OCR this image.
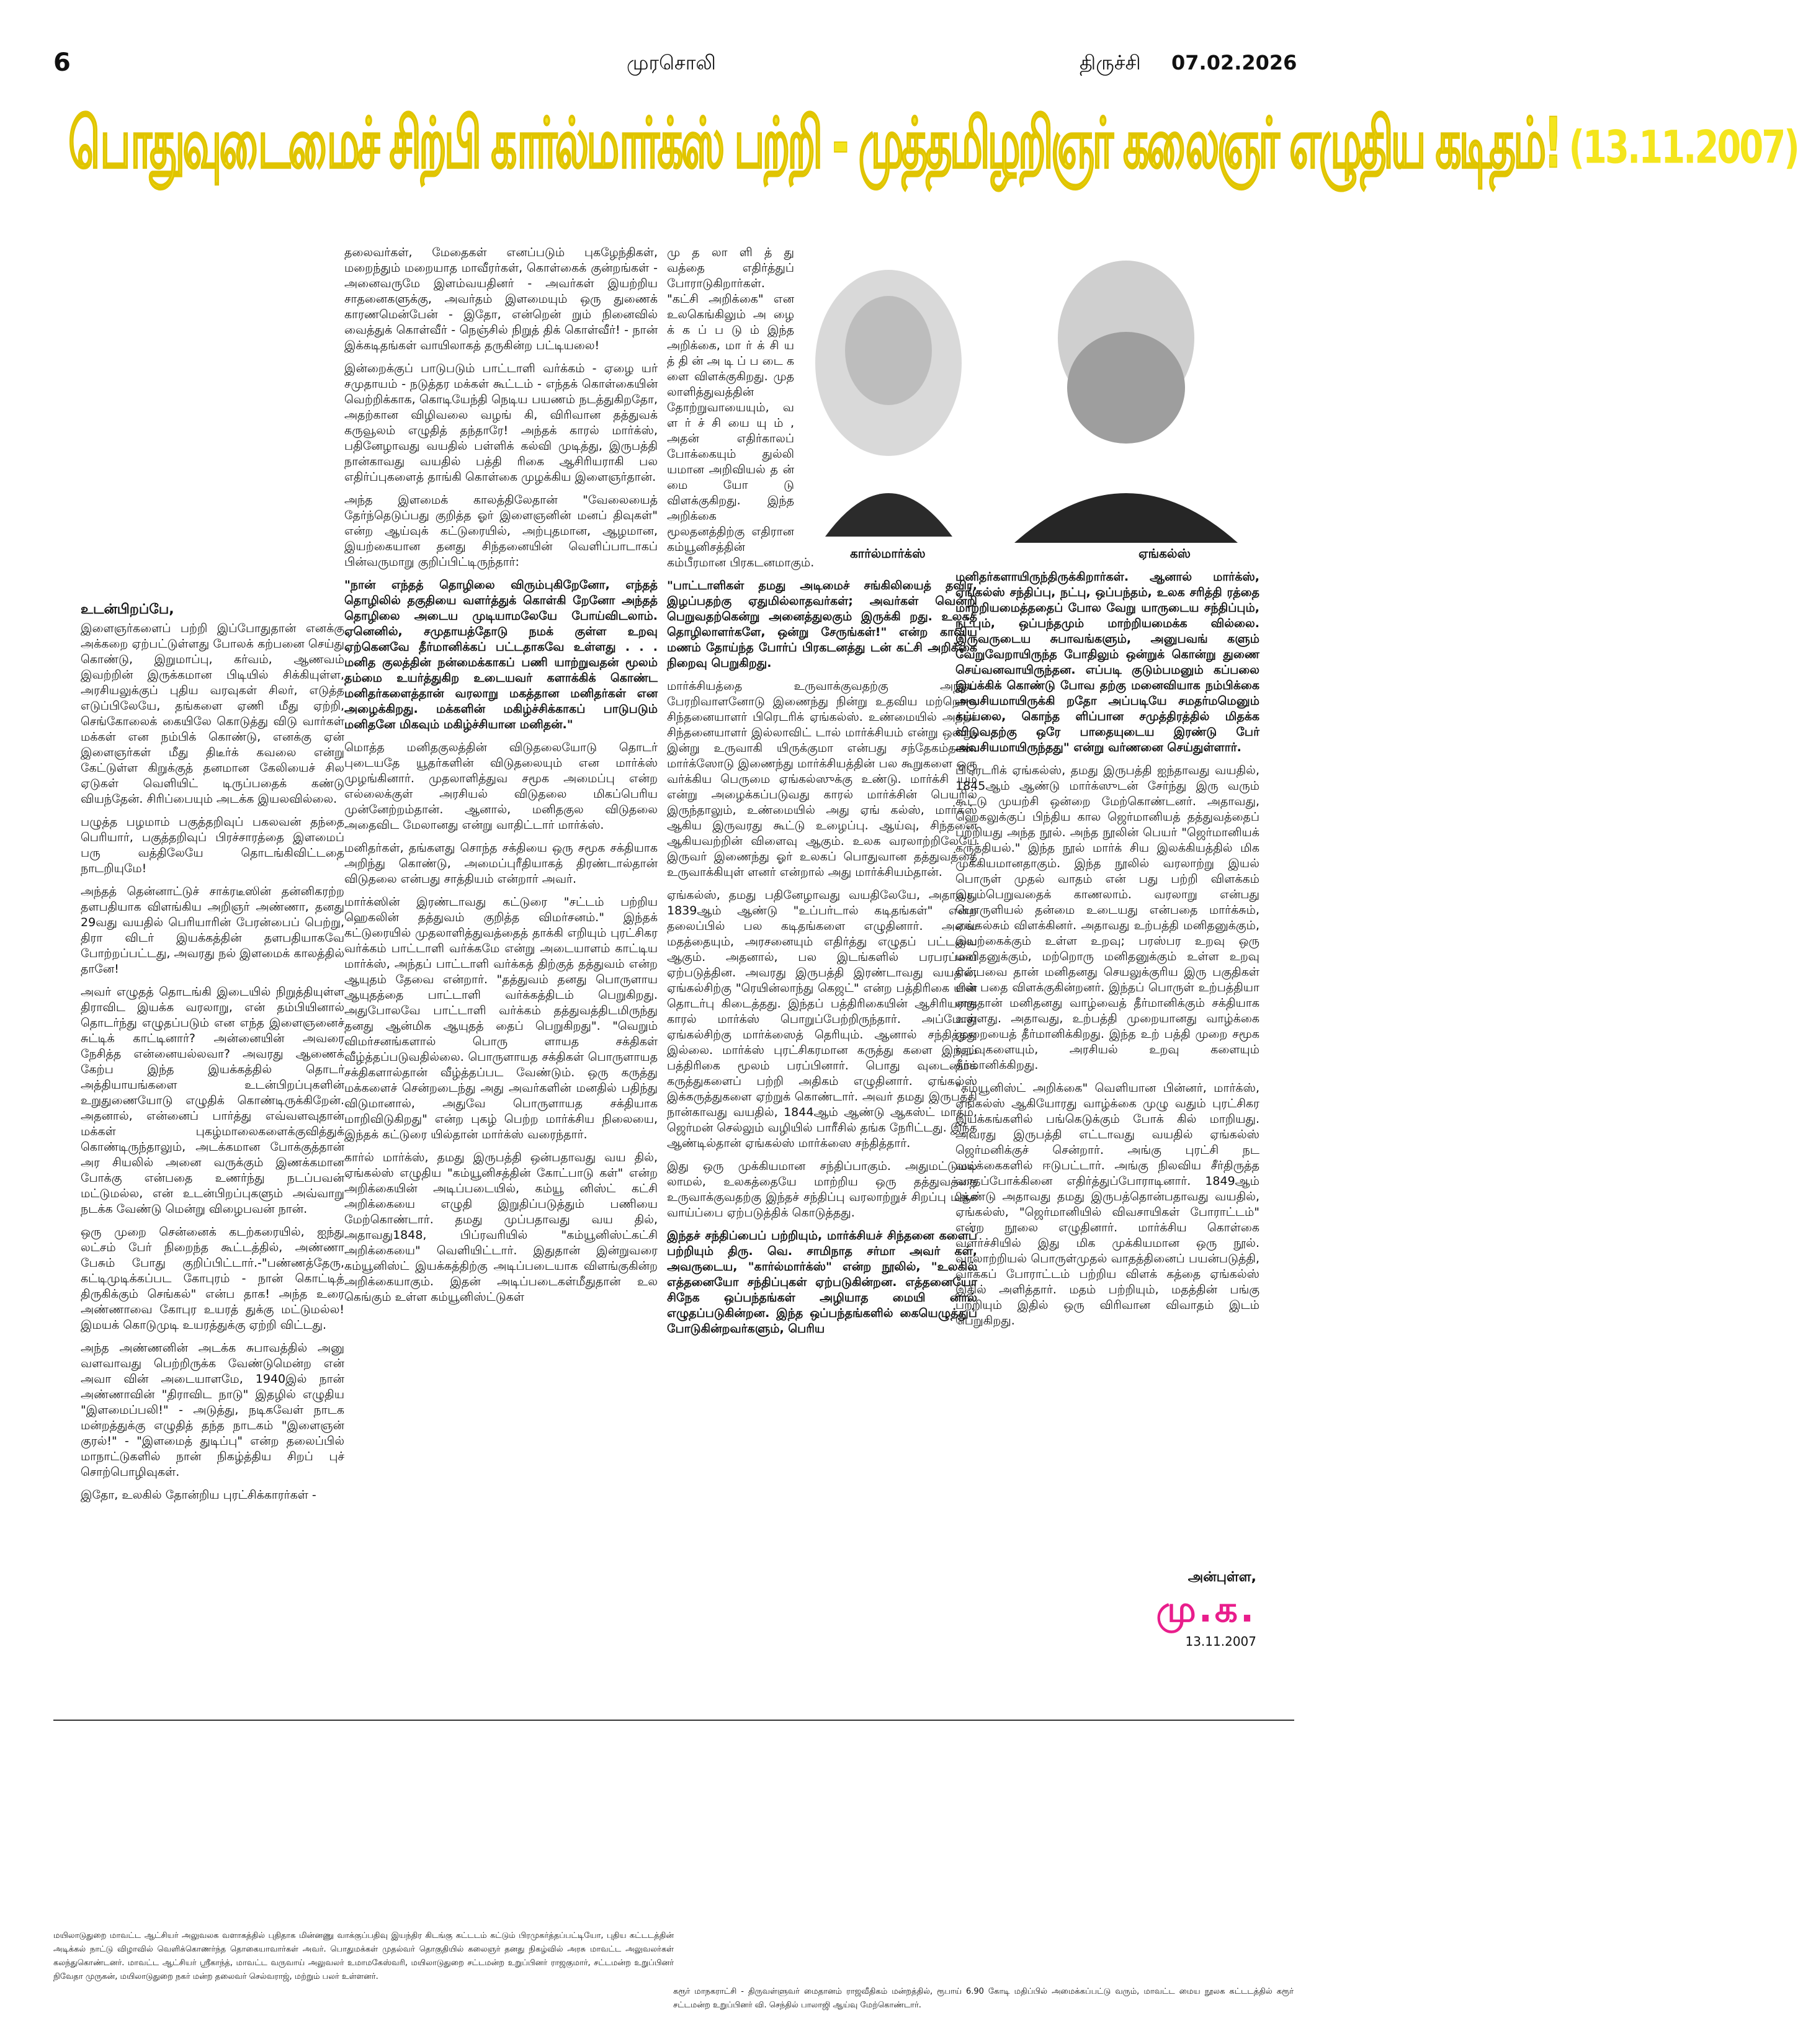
6	முரசொலி	திருச்சி 07.02.2026
பொதுவுடைமைச் சிற்பி கார்ல்மார்க்ஸ் பற்றி - முத்தமிழறிஞர் கலைஞர் எழுதிய கடிதம்! (13.11.2007)
உடன்பிறப்பே,

இளைஞர்களைப் பற்றி இப்போதுதான் எனக்கு அக்கறை ஏற்பட்டுள்ளது போலக் கற்பனை செய்து கொண்டு, இறுமாப்பு, கர்வம், ஆணவம் இவற்றின் இருக்கமான பிடியில் சிக்கியுள்ள, அரசியலுக்குப் புதிய வரவுகள் சிலர், எடுத்த எடுப்பிலேயே, தங்களை ஏணி மீது ஏற்றி, செங்கோலைக் கையிலே கொடுத்து விடு வார்கள் மக்கள் என நம்பிக் கொண்டு, எனக்கு ஏன் இளைஞர்கள் மீது திடீர்க் கவலை என்று கேட்டுள்ள கிறுக்குத் தனமான கேலியைச் சில ஏடுகள் வெளியிட் டிருப்பதைக் கண்டு வியந்தேன். சிரிப்பையும் அடக்க இயலவில்லை.

பழுத்த பழமாம் பகுத்தறிவுப் பகலவன் தந்தை பெரியார், பகுத்தறிவுப் பிரச்சாரத்தை இளமைப் பரு வத்திலேயே தொடங்கிவிட்டதை நாடறியுமே!

அந்தத் தென்னாட்டுச் சாக்ரடீஸின் தன்னிகரற்ற தளபதியாக விளங்கிய அறிஞர் அண்ணா, தனது 29வது வயதில் பெரியாரின் பேரன்பைப் பெற்று, திரா விடர் இயக்கத்தின் தளபதியாகவே போற்றப்பட்டது, அவரது நல் இளமைக் காலத்தில் தானே!

அவர் எழுதத் தொடங்கி இடையில் நிறுத்தியுள்ள திராவிட இயக்க வரலாறு, என் தம்பியினால் தொடர்ந்து எழுதப்படும் என எந்த இளைஞனைச் சுட்டிக் காட்டினார்? அன்னையின் அவரை நேசித்த என்னையல்லவா? அவரது ஆணைக் கேற்ப இந்த இயக்கத்தில் தொடர் அத்தியாயங்களை உடன்பிறப்புகளின் உறுதுணையோடு எழுதிக் கொண்டிருக்கிறேன். அதனால், என்னைப் பார்த்து எவ்வளவுதான் மக்கள் புகழ்மாலைகளைக்குவித்துக் கொண்டிருந்தாலும், அடக்கமான போக்குத்தான் அர சியலில் அனை வருக்கும் இணக்கமான போக்கு என்பதை உணர்ந்து நடப்பவன் மட்டுமல்ல, என் உடன்பிறப்புகளும் அவ்வாறு நடக்க வேண்டு மென்று விழைபவன் நான்.

ஒரு முறை சென்னைக் கடற்கரையில், ஐந்து லட்சம் பேர் நிறைந்த கூட்டத்தில், அண்ணா பேசும் போது குறிப்பிட்டார்.-"பண்ணத்தேரு, கட்டிமுடிக்கப்பட கோபுரம் - நான் கொட்டித் திருகிக்கும் செங்கல்" என்ப தாக! அந்த உரை அண்ணாவை கோபுர உயரத் துக்கு மட்டுமல்ல! இமயக் கொடுமுடி உயரத்துக்கு ஏற்றி விட்டது.

அந்த அண்ணனின் அடக்க சுபாவத்தில் அனு வளவாவது பெற்றிருக்க வேண்டுமென்ற என் அவா வின் அடையாளமே, 1940இல் நான் அண்ணாவின் "திராவிட நாடு" இதழில் எழுதிய "இளமைப்பலி!" - அடுத்து, நடிகவேள் நாடக மன்றத்துக்கு எழுதித் தந்த நாடகம் "இளைஞன் குரல்!" - "இளமைத் துடிப்பு" என்ற தலைப்பில் மாநாட்டுகளில் நான் நிகழ்த்திய சிறப் புச் சொற்பொழிவுகள்.

இதோ, உலகில் தோன்றிய புரட்சிக்காரர்கள் -

தலைவர்கள், மேதைகள் எனப்படும் புகழேந்திகள், மறைந்தும் மறையாத மாவீரர்கள், கொள்கைக் குன்றங்கள் - அனைவருமே இளம்வயதினர் - அவர்கள் இயற்றிய சாதனைகளுக்கு, அவர்தம் இளமையும் ஒரு துணைக் காரணமென்பேன் - இதோ, என்றென் றும் நினைவில் வைத்துக் கொள்வீர் - நெஞ்சில் நிறுத் திக் கொள்வீர்! - நான் இக்கடிதங்கள் வாயிலாகத் தருகின்ற பட்டியலை!

இன்றைக்குப் பாடுபடும் பாட்டாளி வர்க்கம் - ஏழை யர் சமுதாயம் - நடுத்தர மக்கள் கூட்டம் - எந்தக் கொள்கையின் வெற்றிக்காக, கொடியேந்தி நெடிய பயணம் நடத்துகிறதோ, அதற்கான விழிவலை வழங் கி, விரிவான தத்துவக் கருவூலம் எழுதித் தந்தாரே! அந்தக் காரல் மார்க்ஸ், பதினேழாவது வயதில் பள்ளிக் கல்வி முடித்து, இருபத்தி நான்காவது வயதில் பத்தி ரிகை ஆசிரியராகி பல எதிர்ப்புகளைத் தாங்கி கொள்கை முழக்கிய இளைஞர்தான்.

அந்த இளமைக் காலத்திலேதான் "வேலையைத் தேர்ந்தெடுப்பது குறித்த ஓர் இளைஞனின் மனப் திவுகள்" என்ற ஆய்வுக் கட்டுரையில், அற்புதமான, ஆழமான, இயற்கையான தனது சிந்தனையின் வெளிப்பாடாகப் பின்வருமாறு குறிப்பிட்டிருந்தார்:

"நான் எந்தத் தொழிலை விரும்புகிறேனோ, எந்தத் தொழிலில் தகுதியை வளர்த்துக் கொள்கி றேனோ அந்தத் தொழிலை அடைய முடியாமலேயே போய்விடலாம். ஏனெனில், சமுதாயத்தோடு நமக் குள்ள உறவு ஏற்கெனவே தீர்மானிக்கப் பட்டதாகவே உள்ளது . . . மனித குலத்தின் நன்மைக்காகப் பணி யாற்றுவதன் மூலம் தம்மை உயர்த்துகிற உடையவர் களாக்கிக் கொண்ட மனிதர்களைத்தான் வரலாறு மகத்தான மனிதர்கள் என அழைக்கிறது. மக்களின் மகிழ்ச்சிக்காகப் பாடுபடும் மனிதனே மிகவும் மகிழ்ச்சியான மனிதன்."

மொத்த மனிதகுலத்தின் விடுதலையோடு தொடர் புடையதே யூதர்களின் விடுதலையும் என மார்க்ஸ் முழங்கினார். முதலாளித்துவ சமூக அமைப்பு என்ற எல்லைக்குள் அரசியல் விடுதலை மிகப்பெரிய முன்னேற்றம்தான். ஆனால், மனிதகுல விடுதலை அதைவிட மேலானது என்று வாதிட்டார் மார்க்ஸ்.

மனிதர்கள், தங்களது சொந்த சக்தியை ஒரு சமூக சக்தியாக அறிந்து கொண்டு, அமைப்புரீதியாகத் திரண்டால்தான் விடுதலை என்பது சாத்தியம் என்றார் அவர்.

மார்க்ஸின் இரண்டாவது கட்டுரை "சட்டம் பற்றிய ஹெகலின் தத்துவம் குறித்த விமர்சனம்." இந்தக் கட்டுரையில் முதலாளித்துவத்தைத் தாக்கி எறியும் புரட்சிகர வர்க்கம் பாட்டாளி வர்க்கமே என்று அடையாளம் காட்டிய மார்க்ஸ், அந்தப் பாட்டாளி வர்க்கத் திற்குத் தத்துவம் என்ற ஆயுதம் தேவை என்றார். "தத்துவம் தனது பொருளாய ஆயுதத்தை பாட்டாளி வர்க்கத்திடம் பெறுகிறது. அதுபோலவே பாட்டாளி வர்க்கம் தத்துவத்திடமிருந்து தனது ஆன்மிக ஆயுதத் தைப் பெறுகிறது". "வெறும் விமர்சனங்களால் பொரு ளாயத சக்திகள் வீழ்த்தப்படுவதில்லை. பொருளாயத சக்திகள் பொருளாயத சக்திகளால்தான் வீழ்த்தப்பட வேண்டும். ஒரு கருத்து மக்களைச் சென்றடைந்து அது அவர்களின் மனதில் பதிந்து விடுமானால், அதுவே பொருளாயத சக்தியாக மாறிவிடுகிறது" என்ற புகழ் பெற்ற மார்க்சிய நிலையை, இந்தக் கட்டுரை யில்தான் மார்க்ஸ் வரைந்தார்.

கார்ல் மார்க்ஸ், தமது இருபத்தி ஒன்பதாவது வய தில், ஏங்கல்ஸ் எழுதிய "கம்யூனிசத்தின் கோட்பாடு கள்" என்ற அறிக்கையின் அடிப்படையில், கம்யூ னிஸ்ட் கட்சி அறிக்கையை எழுதி இறுதிப்படுத்தும் பணியை மேற்கொண்டார். தமது முப்பதாவது வய தில், அதாவது1848, பிப்ரவரியில் "கம்யூனிஸ்ட்கட்சி அறிக்கையை" வெளியிட்டார். இதுதான் இன்றுவரை கம்யூனிஸ்ட் இயக்கத்திற்கு அடிப்படையாக விளங்குகின்ற அறிக்கையாகும். இதன் அடிப்படைகள்மீதுதான் உல கெங்கும் உள்ள கம்யூனிஸ்ட்டுகள்

மு த லா ளி த் து வத்தை எதிர்த்துப் போராடுகிறார்கள். "கட்சி அறிக்கை" என உலகெங்கிலும் அ ழை க் க ப் ப டு ம் இந்த அறிக்கை, மா ர் க் சி ய த் தி ன் அ டி ப் ப டை க ளை விளக்குகிறது. முத லாளித்துவத்தின் தோற்றுவாயையும், வ ள ர் ச் சி யை யு ம் , அதன் எதிர்காலப் போக்கையும் துல்லி யமான அறிவியல் த ன் மை யோ டு விளக்குகிறது. இந்த அறிக்கை மூலதனத்திற்கு எதிரான கம்யூனிசத்தின் கம்பீரமான பிரகடனமாகும்.

"பாட்டாளிகள் தமது அடிமைச் சங்கிலியைத் தவிர, இழப்பதற்கு ஏதுமில்லாதவர்கள்; அவர்கள் வென்றி பெறுவதற்கென்று அனைத்துலகும் இருக்கி றது. உலகத் தொழிலாளர்களே, ஒன்று சேருங்கள்!" என்ற காவிய மணம் தோய்ந்த போர்ப் பிரகடனத்து டன் கட்சி அறிக்கை நிறைவு பெறுகிறது.

மார்க்சியத்தை உருவாக்குவதற்கு அந்தப் பேரறிவாளனோடு இணைந்து நின்று உதவிய மற்றொரு சிந்தனையாளர் பிரெடரிக் ஏங்கல்ஸ். உண்மையில் அந்தச் சிந்தனையாளர் இல்லாவிட் டால் மார்க்சியம் என்று ஒன்று, இன்று உருவாகி யிருக்குமா என்பது சந்தேகம்தான். மார்க்ஸோடு இணைந்து மார்க்சியத்தின் பல கூறுகளை ஒரு வர்க்கிய பெருமை ஏங்கல்ஸுக்கு உண்டு. மார்க்சி யம் என்று அழைக்கப்படுவது காரல் மார்க்சின் பெயரில் இருந்தாலும், உண்மையில் அது ஏங் கல்ஸ், மார்க்ஸ் ஆகிய இருவரது கூட்டு உழைப்பு. ஆய்வு, சிந்தனை ஆகியவற்றின் விளைவு ஆகும். உலக வரலாற்றிலேயே இருவர் இணைந்து ஓர் உலகப் பொதுவான தத்துவத்தை உருவாக்கியுள் ளனர் என்றால் அது மார்க்சியம்தான்.

ஏங்கல்ஸ், தமது பதினேழாவது வயதிலேயே, அதாவது 1839ஆம் ஆண்டு "உப்பர்டால் கடிதங்கள்" என்ற தலைப்பில் பல கடிதங்களை எழுதினார். அவை மதத்தையும், அரசனையும் எதிர்த்து எழுதப் பட்டவை ஆகும். அதனால், பல இடங்களில் பரபரப்பை ஏற்படுத்தின. அவரது இருபத்தி இரண்டாவது வயதில், ஏங்கல்சிற்கு "ரெயின்லாந்து கெஜட்" என்ற பத்திரிகை யின் தொடர்பு கிடைத்தது. இந்தப் பத்திரிகையின் ஆசிரியராக காரல் மார்க்ஸ் பொறுப்பேற்றிருந்தார். அப்போது ஏங்கல்சிற்கு மார்க்ஸைத் தெரியும். ஆனால் சந்தித்தது இல்லை. மார்க்ஸ் புரட்சிகரமான கருத்து களை இந்தப் பத்திரிகை மூலம் பரப்பினார். பொது வுடைமைக் கருத்துகளைப் பற்றி அதிகம் எழுதினார். ஏங்கல்ஸ் இக்கருத்துகளை ஏற்றுக் கொண்டார். அவர் தமது இருபத்தி நான்காவது வயதில், 1844ஆம் ஆண்டு ஆகஸ்ட் மாதம், ஜெர்மன் செல்லும் வழியில் பாரீசில் தங்க நேரிட்டது. இந்த ஆண்டில்தான் ஏங்கல்ஸ் மார்க்ஸை சந்தித்தார்.

இது ஒரு முக்கியமான சந்திப்பாகும். அதுமட்டுமல் லாமல், உலகத்தையே மாற்றிய ஒரு தத்துவத்தை உருவாக்குவதற்கு இந்தச் சந்திப்பு வரலாற்றுச் சிறப்பு மிக்க வாய்ப்பை ஏற்படுத்திக் கொடுத்தது.

இந்தச் சந்திப்பைப் பற்றியும், மார்க்சியச் சிந்தனை களைப் பற்றியும் திரு. வெ. சாமிநாத சர்மா அவர் கள், அவருடைய, "கார்ல்மார்க்ஸ்" என்ற நூலில், "உலகில் எத்தனையோ சந்திப்புகள் ஏற்படுகின்றன. எத்தனையோ சிநேக ஒப்பந்தங்கள் அழியாத மையி னால் எழுதப்படுகின்றன. இந்த ஒப்பந்தங்களில் கையெழுத்துப் போடுகின்றவர்களும், பெரிய

கார்ல்மார்க்ஸ்	ஏங்கல்ஸ்

மனிதர்களாயிருந்திருக்கிறார்கள். ஆனால் மார்க்ஸ், ஏங்கல்ஸ் சந்திப்பு, நட்பு, ஒப்பந்தம், உலக சரித்தி ரத்தை மாற்றியமைத்ததைப் போல வேறு யாருடைய சந்திப்பும், நட்பும், ஒப்பந்தமும் மாற்றியமைக்க வில்லை. இருவருடைய சுபாவங்களும், அனுபவங் களும் வேறுவேறாயிருந்த போதிலும் ஒன்றுக் கொன்று துணை செய்வனவாயிருந்தன. எப்படி குடும்பமனும் கப்பலை இயக்கிக் கொண்டு போவ தற்கு மனைவியாக நம்பிக்கை அவசியமாயிருக்கி றதோ அப்படியே சமதர்மமெனும் கப்பலை, கொந்த ளிப்பான சமுத்திரத்தில் மிதக்க விடுவதற்கு ஒரே பாதையுடைய இரண்டு பேர் அவசியமாயிருந்தது" என்று வர்ணனை செய்துள்ளார்.

பிரெடரிக் ஏங்கல்ஸ், தமது இருபத்தி ஐந்தாவது வயதில், 1845ஆம் ஆண்டு மார்க்ஸுடன் சேர்ந்து இரு வரும் கூட்டு முயற்சி ஒன்றை மேற்கொண்டனர். அதாவது, ஹெகலுக்குப் பிந்திய கால ஜெர்மானியத் தத்துவத்தைப் பற்றியது அந்த நூல். அந்த நூலின் பெயர் "ஜெர்மானியக் கருத்தியல்." இந்த நூல் மார்க் சிய இலக்கியத்தில் மிக முக்கியமானதாகும். இந்த நூலில் வரலாற்று இயல் பொருள் முதல் வாதம் என் பது பற்றி விளக்கம் இடம்பெறுவதைக் காணலாம். வரலாறு என்பது பொருளியல் தன்மை உடையது என்பதை மார்க்சும், ஏங்கல்சும் விளக்கினர். அதாவது உற்பத்தி மனிதனுக்கும், இயற்கைக்கும் உள்ள உறவு; பரஸ்பர உறவு ஒரு மனிதனுக்கும், மற்றொரு மனிதனுக்கும் உள்ள உறவு என்பவை தான் மனிதனது செயலுக்குரிய இரு பகுதிகள் என் பதை விளக்குகின்றனர். இந்தப் பொருள் உற்பத்தியா னதுதான் மனிதனது வாழ்வைத் தீர்மானிக்கும் சக்தியாக உள்ளது. அதாவது, உற்பத்தி முறையானது வாழ்க்கை முறையைத் தீர்மானிக்கிறது. இந்த உற் பத்தி முறை சமூக உறவுகளையும், அரசியல் உறவு களையும் தீர்மானிக்கிறது.

"கம்யூனிஸ்ட் அறிக்கை" வெளியான பின்னர், மார்க்ஸ், ஏங்கல்ஸ் ஆகியோரது வாழ்க்கை முழு வதும் புரட்சிகர இயக்கங்களில் பங்கெடுக்கும் போக் கில் மாறியது. அவரது இருபத்தி எட்டாவது வயதில் ஏங்கல்ஸ் ஜெர்மனிக்குச் சென்றார். அங்கு புரட்சி நட வடிக்கைகளில் ஈடுபட்டார். அங்கு நிலவிய சீர்திருத்த வாதப்போக்கினை எதிர்த்துப்போராடினார். 1849ஆம் ஆண்டு அதாவது தமது இருபத்தொன்பதாவது வயதில், ஏங்கல்ஸ், "ஜெர்மானியில் விவசாயிகள் போராட்டம்" என்ற நூலை எழுதினார். மார்க்சிய கொள்கை வளர்ச்சியில் இது மிக முக்கியமான ஒரு நூல். வரலாற்றியல் பொருள்முதல் வாதத்தினைப் பயன்படுத்தி, வர்க்கப் போராட்டம் பற்றிய விளக் கத்தை ஏங்கல்ஸ் இதில் அளித்தார். மதம் பற்றியும், மதத்தின் பங்கு பற்றியும் இதில் ஒரு விரிவான விவாதம் இடம் பெறுகிறது.

அன்புள்ள,
மு.க.
13.11.2007
மயிலாடுதுறை மாவட்ட ஆட்சியர் அலுவலக வளாகத்தில் புதிதாக மின்னணு வாக்குப்பதிவு இயந்திர கிடங்கு கட்டடம் கட்டும் பிரமுகர்த்தப்பட்டியோ, புதிய கட்டடத்தின் அடிக்கல் நாட்டு விழாவில் வெளிக்கொணர்ந்த தொகையாவார்கள் அவர். பொதுமக்கள் முதல்வர் தொகுதியில் கலைஞர் தனது நிகழ்வில் அரசு மாவட்ட அலுவலர்கள் கலந்துகொண்டனர். மாவட்ட ஆட்சியர் ஸ்ரீகாந்த், மாவட்ட வருவாய் அலுவலர் உமாமகேஸ்வரி, மயிலாடுதுறை சட்டமன்ற உறுப்பினர் ராஜகுமார், சட்டமன்ற உறுப்பினர் நிவேதா முருகன், மயிலாடுதுறை நகர் மன்ற தலைவர் செல்வராஜ், மற்றும் பலர் உள்ளனர்.
கரூர் மாநகராட்சி - திருவள்ளுவர் மைதானம் ராஜவீதிகம் மன்றத்தில், ரூபாய் 6.90 கோடி மதிப்பில் அமைக்கப்பட்டு வரும், மாவட்ட மைய நூலக கட்டடத்தில் கரூர் சட்டமன்ற உறுப்பினர் வி. செந்தில் பாலாஜி ஆய்வு மேற்கொண்டார்.
